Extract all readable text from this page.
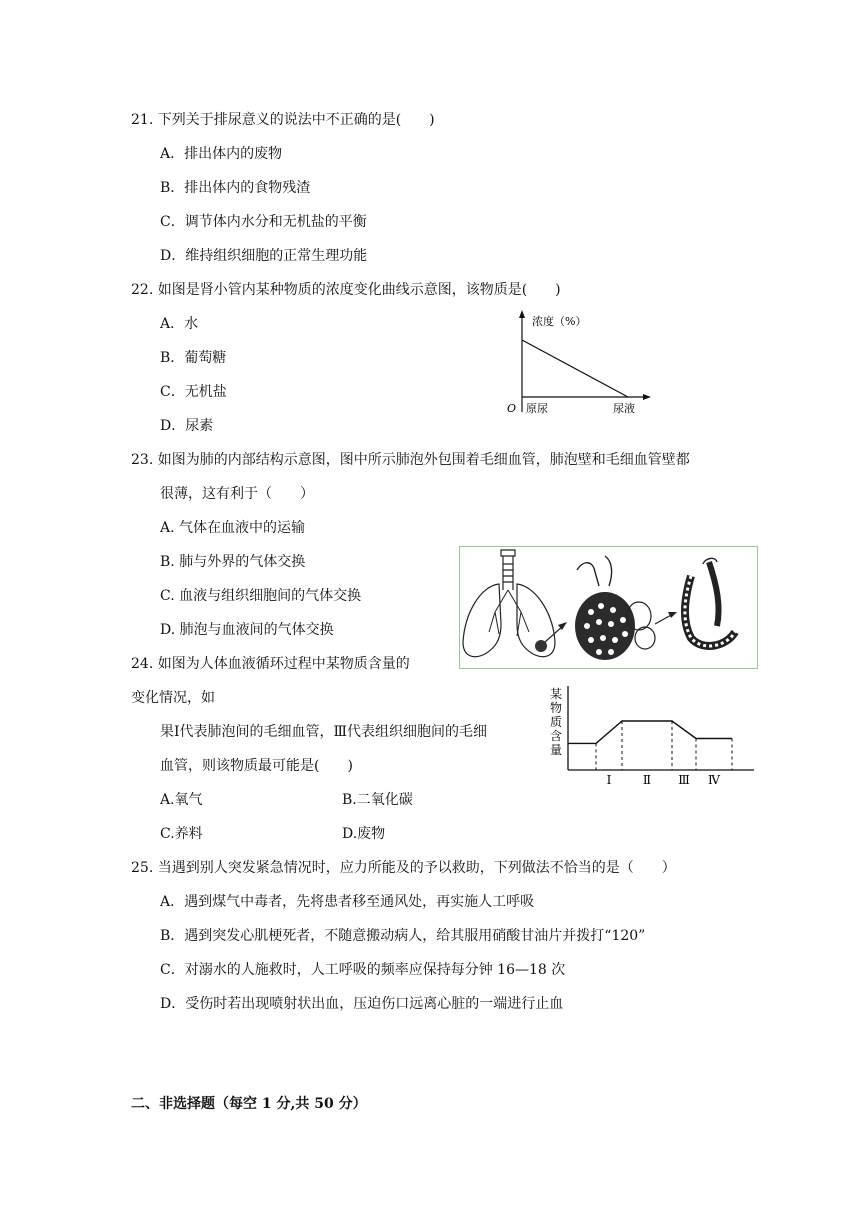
21. 下列关于排尿意义的说法中不正确的是(　　)
A．排出体内的废物
B．排出体内的食物残渣
C．调节体内水分和无机盐的平衡
D．维持组织细胞的正常生理功能
22. 如图是肾小管内某种物质的浓度变化曲线示意图，该物质是(　　)
A．水
B．葡萄糖
C．无机盐
D．尿素
浓度（%）
O 原尿	尿液
23. 如图为肺的内部结构示意图，图中所示肺泡外包围着毛细血管，肺泡壁和毛细血管壁都
很薄，这有利于（　　）
A. 气体在血液中的运输
B. 肺与外界的气体交换
C. 血液与组织细胞间的气体交换
D. 肺泡与血液间的气体交换
24. 如图为人体血液循环过程中某物质含量的
变化情况，如
果Ⅰ代表肺泡间的毛细血管，Ⅲ代表组织细胞间的毛细
血管，则该物质最可能是(　　)
A.氧气	B.二氧化碳
C.养料	D.废物
某物质含量
Ⅰ	Ⅱ Ⅲ Ⅳ
25. 当遇到别人突发紧急情况时，应力所能及的予以救助，下列做法不恰当的是（　　）
A．遇到煤气中毒者，先将患者移至通风处，再实施人工呼吸
B．遇到突发心肌梗死者，不随意搬动病人，给其服用硝酸甘油片并拨打“120”
C．对溺水的人施救时，人工呼吸的频率应保持每分钟 16—18 次
D．受伤时若出现喷射状出血，压迫伤口远离心脏的一端进行止血
二、非选择题（每空 1 分,共 50 分）
